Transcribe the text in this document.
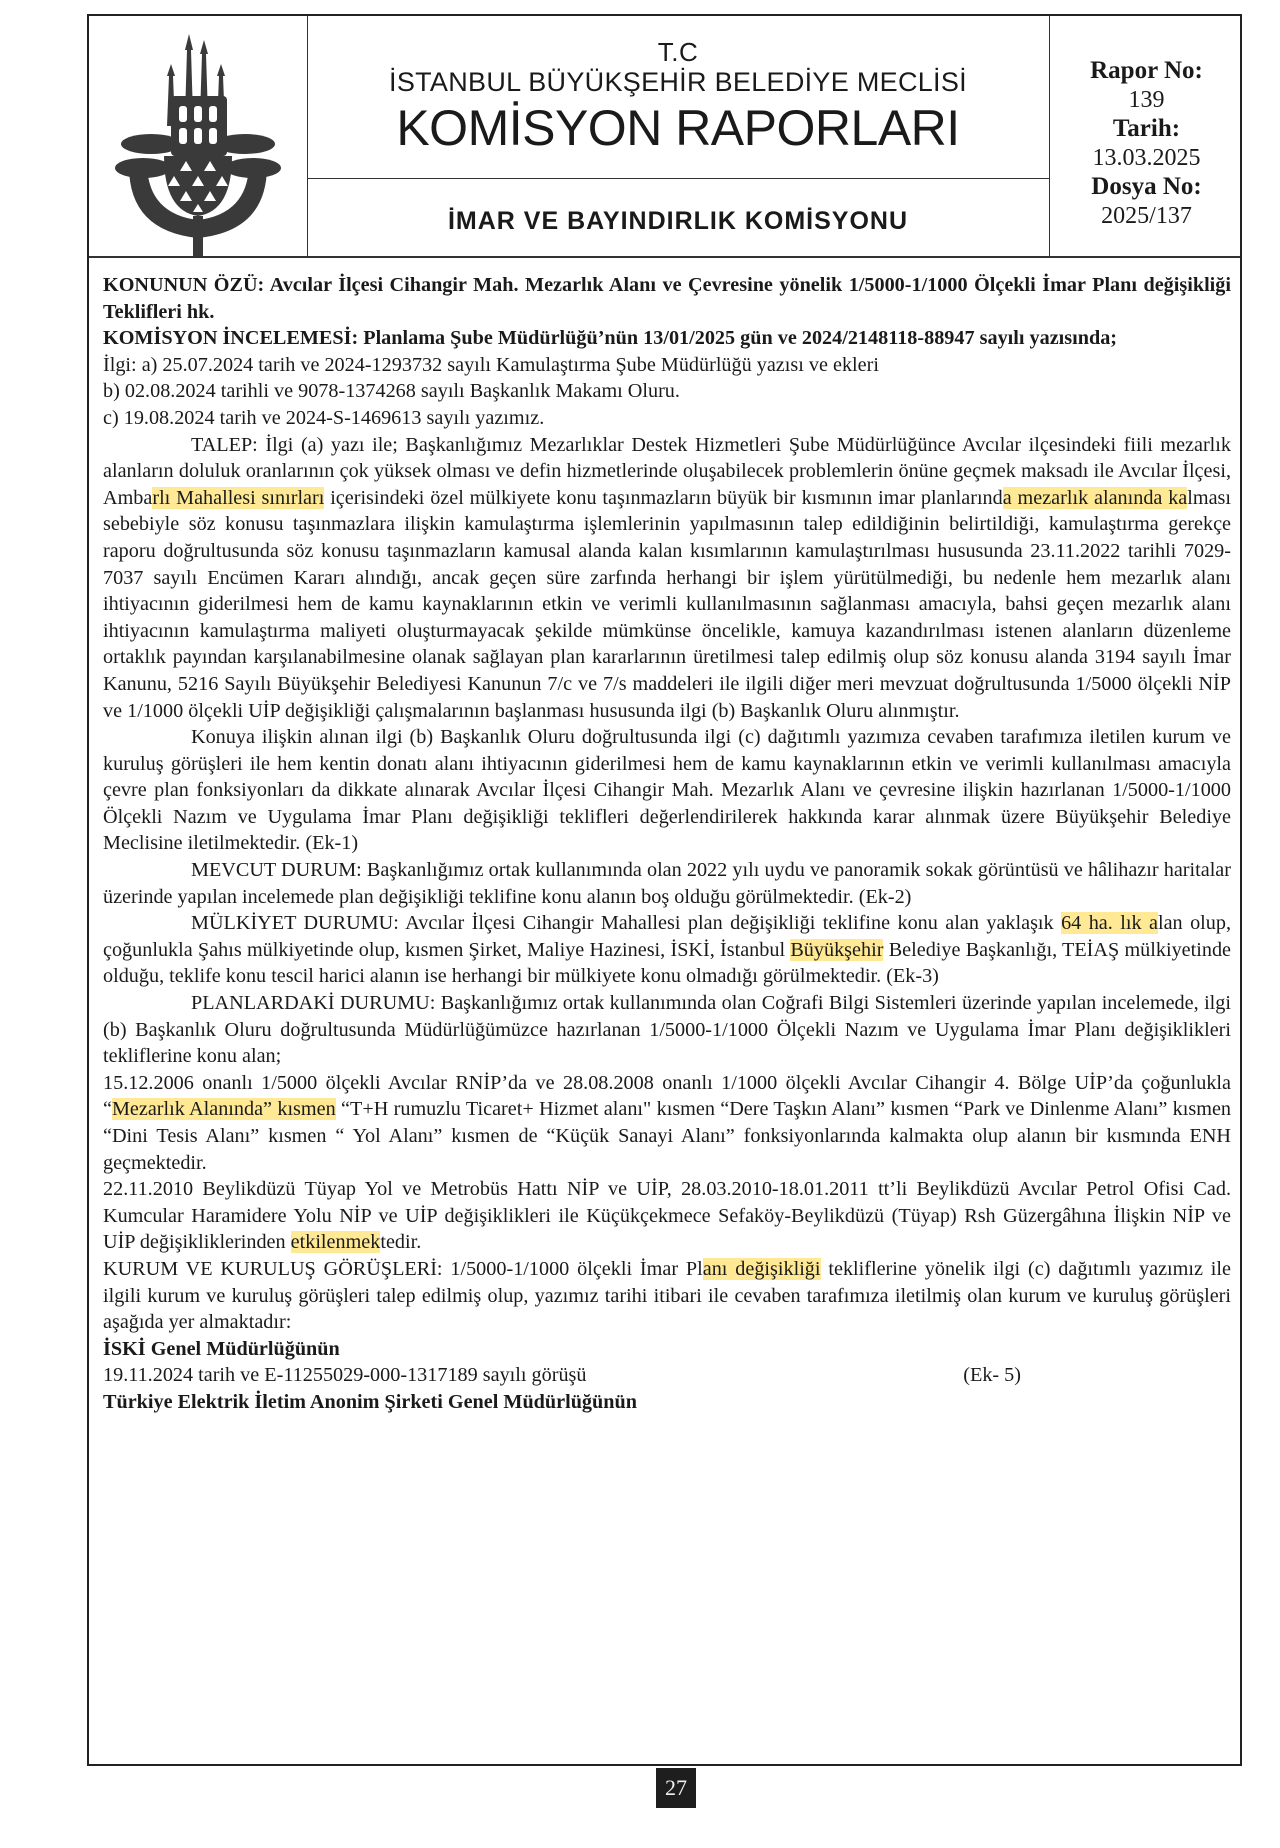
T.C
İSTANBUL BÜYÜKŞEHİR BELEDİYE MECLİSİ
KOMİSYON RAPORLARI
İMAR VE BAYINDIRLIK KOMİSYONU
Rapor No:
139
Tarih:
13.03.2025
Dosya No:
2025/137

KONUNUN ÖZÜ: Avcılar İlçesi Cihangir Mah. Mezarlık Alanı ve Çevresine yönelik 1/5000-1/1000 Ölçekli İmar Planı değişikliği Teklifleri hk.

KOMİSYON İNCELEMESİ: Planlama Şube Müdürlüğü’nün 13/01/2025 gün ve 2024/2148118-88947 sayılı yazısında;

İlgi: a) 25.07.2024 tarih ve 2024-1293732 sayılı Kamulaştırma Şube Müdürlüğü yazısı ve ekleri

b) 02.08.2024 tarihli ve 9078-1374268 sayılı Başkanlık Makamı Oluru.

c) 19.08.2024 tarih ve 2024-S-1469613 sayılı yazımız.

TALEP: İlgi (a) yazı ile; Başkanlığımız Mezarlıklar Destek Hizmetleri Şube Müdürlüğünce Avcılar ilçesindeki fiili mezarlık alanların doluluk oranlarının çok yüksek olması ve defin hizmetlerinde oluşabilecek problemlerin önüne geçmek maksadı ile Avcılar İlçesi, Ambarlı Mahallesi sınırları içerisindeki özel mülkiyete konu taşınmazların büyük bir kısmının imar planlarında mezarlık alanında kalması sebebiyle söz konusu taşınmazlara ilişkin kamulaştırma işlemlerinin yapılmasının talep edildiğinin belirtildiği, kamulaştırma gerekçe raporu doğrultusunda söz konusu taşınmazların kamusal alanda kalan kısımlarının kamulaştırılması hususunda 23.11.2022 tarihli 7029-7037 sayılı Encümen Kararı alındığı, ancak geçen süre zarfında herhangi bir işlem yürütülmediği, bu nedenle hem mezarlık alanı ihtiyacının giderilmesi hem de kamu kaynaklarının etkin ve verimli kullanılmasının sağlanması amacıyla, bahsi geçen mezarlık alanı ihtiyacının kamulaştırma maliyeti oluşturmayacak şekilde mümkünse öncelikle, kamuya kazandırılması istenen alanların düzenleme ortaklık payından karşılanabilmesine olanak sağlayan plan kararlarının üretilmesi talep edilmiş olup söz konusu alanda 3194 sayılı İmar Kanunu, 5216 Sayılı Büyükşehir Belediyesi Kanunun 7/c ve 7/s maddeleri ile ilgili diğer meri mevzuat doğrultusunda 1/5000 ölçekli NİP ve 1/1000 ölçekli UİP değişikliği çalışmalarının başlanması hususunda ilgi (b) Başkanlık Oluru alınmıştır.

Konuya ilişkin alınan ilgi (b) Başkanlık Oluru doğrultusunda ilgi (c) dağıtımlı yazımıza cevaben tarafımıza iletilen kurum ve kuruluş görüşleri ile hem kentin donatı alanı ihtiyacının giderilmesi hem de kamu kaynaklarının etkin ve verimli kullanılması amacıyla çevre plan fonksiyonları da dikkate alınarak Avcılar İlçesi Cihangir Mah. Mezarlık Alanı ve çevresine ilişkin hazırlanan 1/5000-1/1000 Ölçekli Nazım ve Uygulama İmar Planı değişikliği teklifleri değerlendirilerek hakkında karar alınmak üzere Büyükşehir Belediye Meclisine iletilmektedir. (Ek-1)

MEVCUT DURUM: Başkanlığımız ortak kullanımında olan 2022 yılı uydu ve panoramik sokak görüntüsü ve hâlihazır haritalar üzerinde yapılan incelemede plan değişikliği teklifine konu alanın boş olduğu görülmektedir. (Ek-2)

MÜLKİYET DURUMU: Avcılar İlçesi Cihangir Mahallesi plan değişikliği teklifine konu alan yaklaşık 64 ha. lık alan olup, çoğunlukla Şahıs mülkiyetinde olup, kısmen Şirket, Maliye Hazinesi, İSKİ, İstanbul Büyükşehir Belediye Başkanlığı, TEİAŞ mülkiyetinde olduğu, teklife konu tescil harici alanın ise herhangi bir mülkiyete konu olmadığı görülmektedir. (Ek-3)

PLANLARDAKİ DURUMU: Başkanlığımız ortak kullanımında olan Coğrafi Bilgi Sistemleri üzerinde yapılan incelemede, ilgi (b) Başkanlık Oluru doğrultusunda Müdürlüğümüzce hazırlanan 1/5000-1/1000 Ölçekli Nazım ve Uygulama İmar Planı değişiklikleri tekliflerine konu alan;

15.12.2006 onanlı 1/5000 ölçekli Avcılar RNİP’da ve 28.08.2008 onanlı 1/1000 ölçekli Avcılar Cihangir 4. Bölge UİP’da çoğunlukla “Mezarlık Alanında” kısmen “T+H rumuzlu Ticaret+ Hizmet alanı" kısmen “Dere Taşkın Alanı” kısmen “Park ve Dinlenme Alanı” kısmen “Dini Tesis Alanı” kısmen “ Yol Alanı” kısmen de “Küçük Sanayi Alanı” fonksiyonlarında kalmakta olup alanın bir kısmında ENH geçmektedir.

22.11.2010 Beylikdüzü Tüyap Yol ve Metrobüs Hattı NİP ve UİP, 28.03.2010-18.01.2011 tt’li Beylikdüzü Avcılar Petrol Ofisi Cad. Kumcular Haramidere Yolu NİP ve UİP değişiklikleri ile Küçükçekmece Sefaköy-Beylikdüzü (Tüyap) Rsh Güzergâhına İlişkin NİP ve UİP değişikliklerinden etkilenmektedir.

KURUM VE KURULUŞ GÖRÜŞLERİ: 1/5000-1/1000 ölçekli İmar Planı değişikliği tekliflerine yönelik ilgi (c) dağıtımlı yazımız ile ilgili kurum ve kuruluş görüşleri talep edilmiş olup, yazımız tarihi itibari ile cevaben tarafımıza iletilmiş olan kurum ve kuruluş görüşleri aşağıda yer almaktadır:

İSKİ Genel Müdürlüğünün

19.11.2024 tarih ve E-11255029-000-1317189 sayılı görüşü	(Ek- 5)

Türkiye Elektrik İletim Anonim Şirketi Genel Müdürlüğünün

27
